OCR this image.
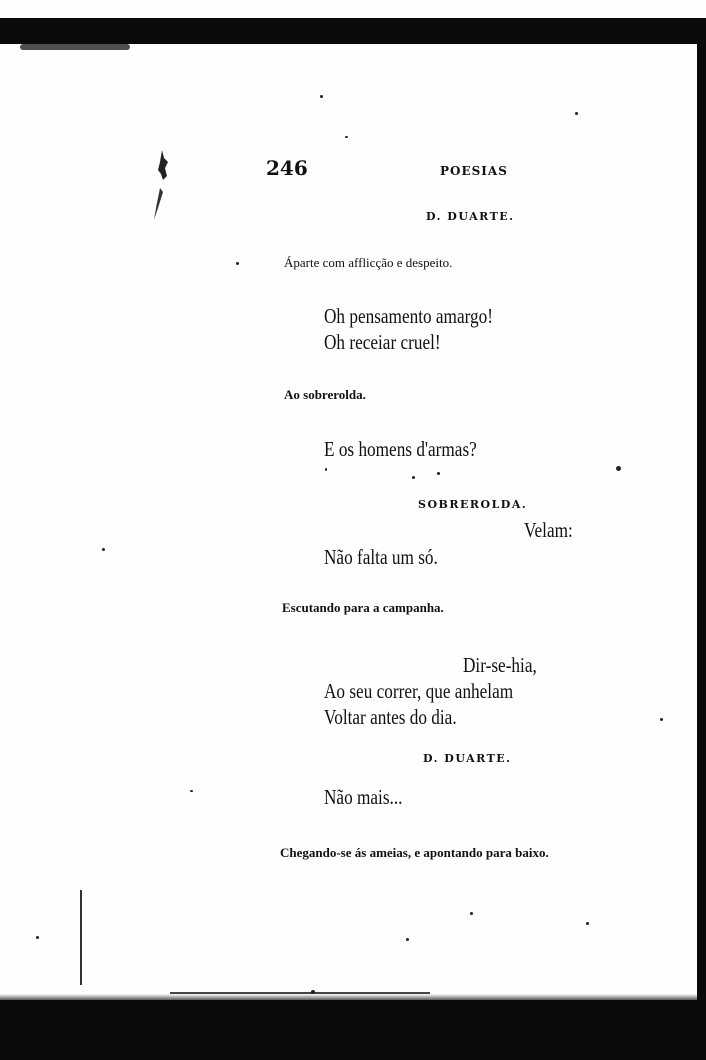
246	POESIAS
D. DUARTE.
Áparte com afflicção e despeito.
Oh pensamento amargo!
Oh receiar cruel!
Ao sobrerolda.
E os homens d'armas?
SOBREROLDA.
Velam:
Não falta um só.
Escutando para a campanha.
Dir-se-hia,
Ao seu correr, que anhelam
Voltar antes do dia.
D. DUARTE.
Não mais...
Chegando-se ás ameias, e apontando para baixo.
